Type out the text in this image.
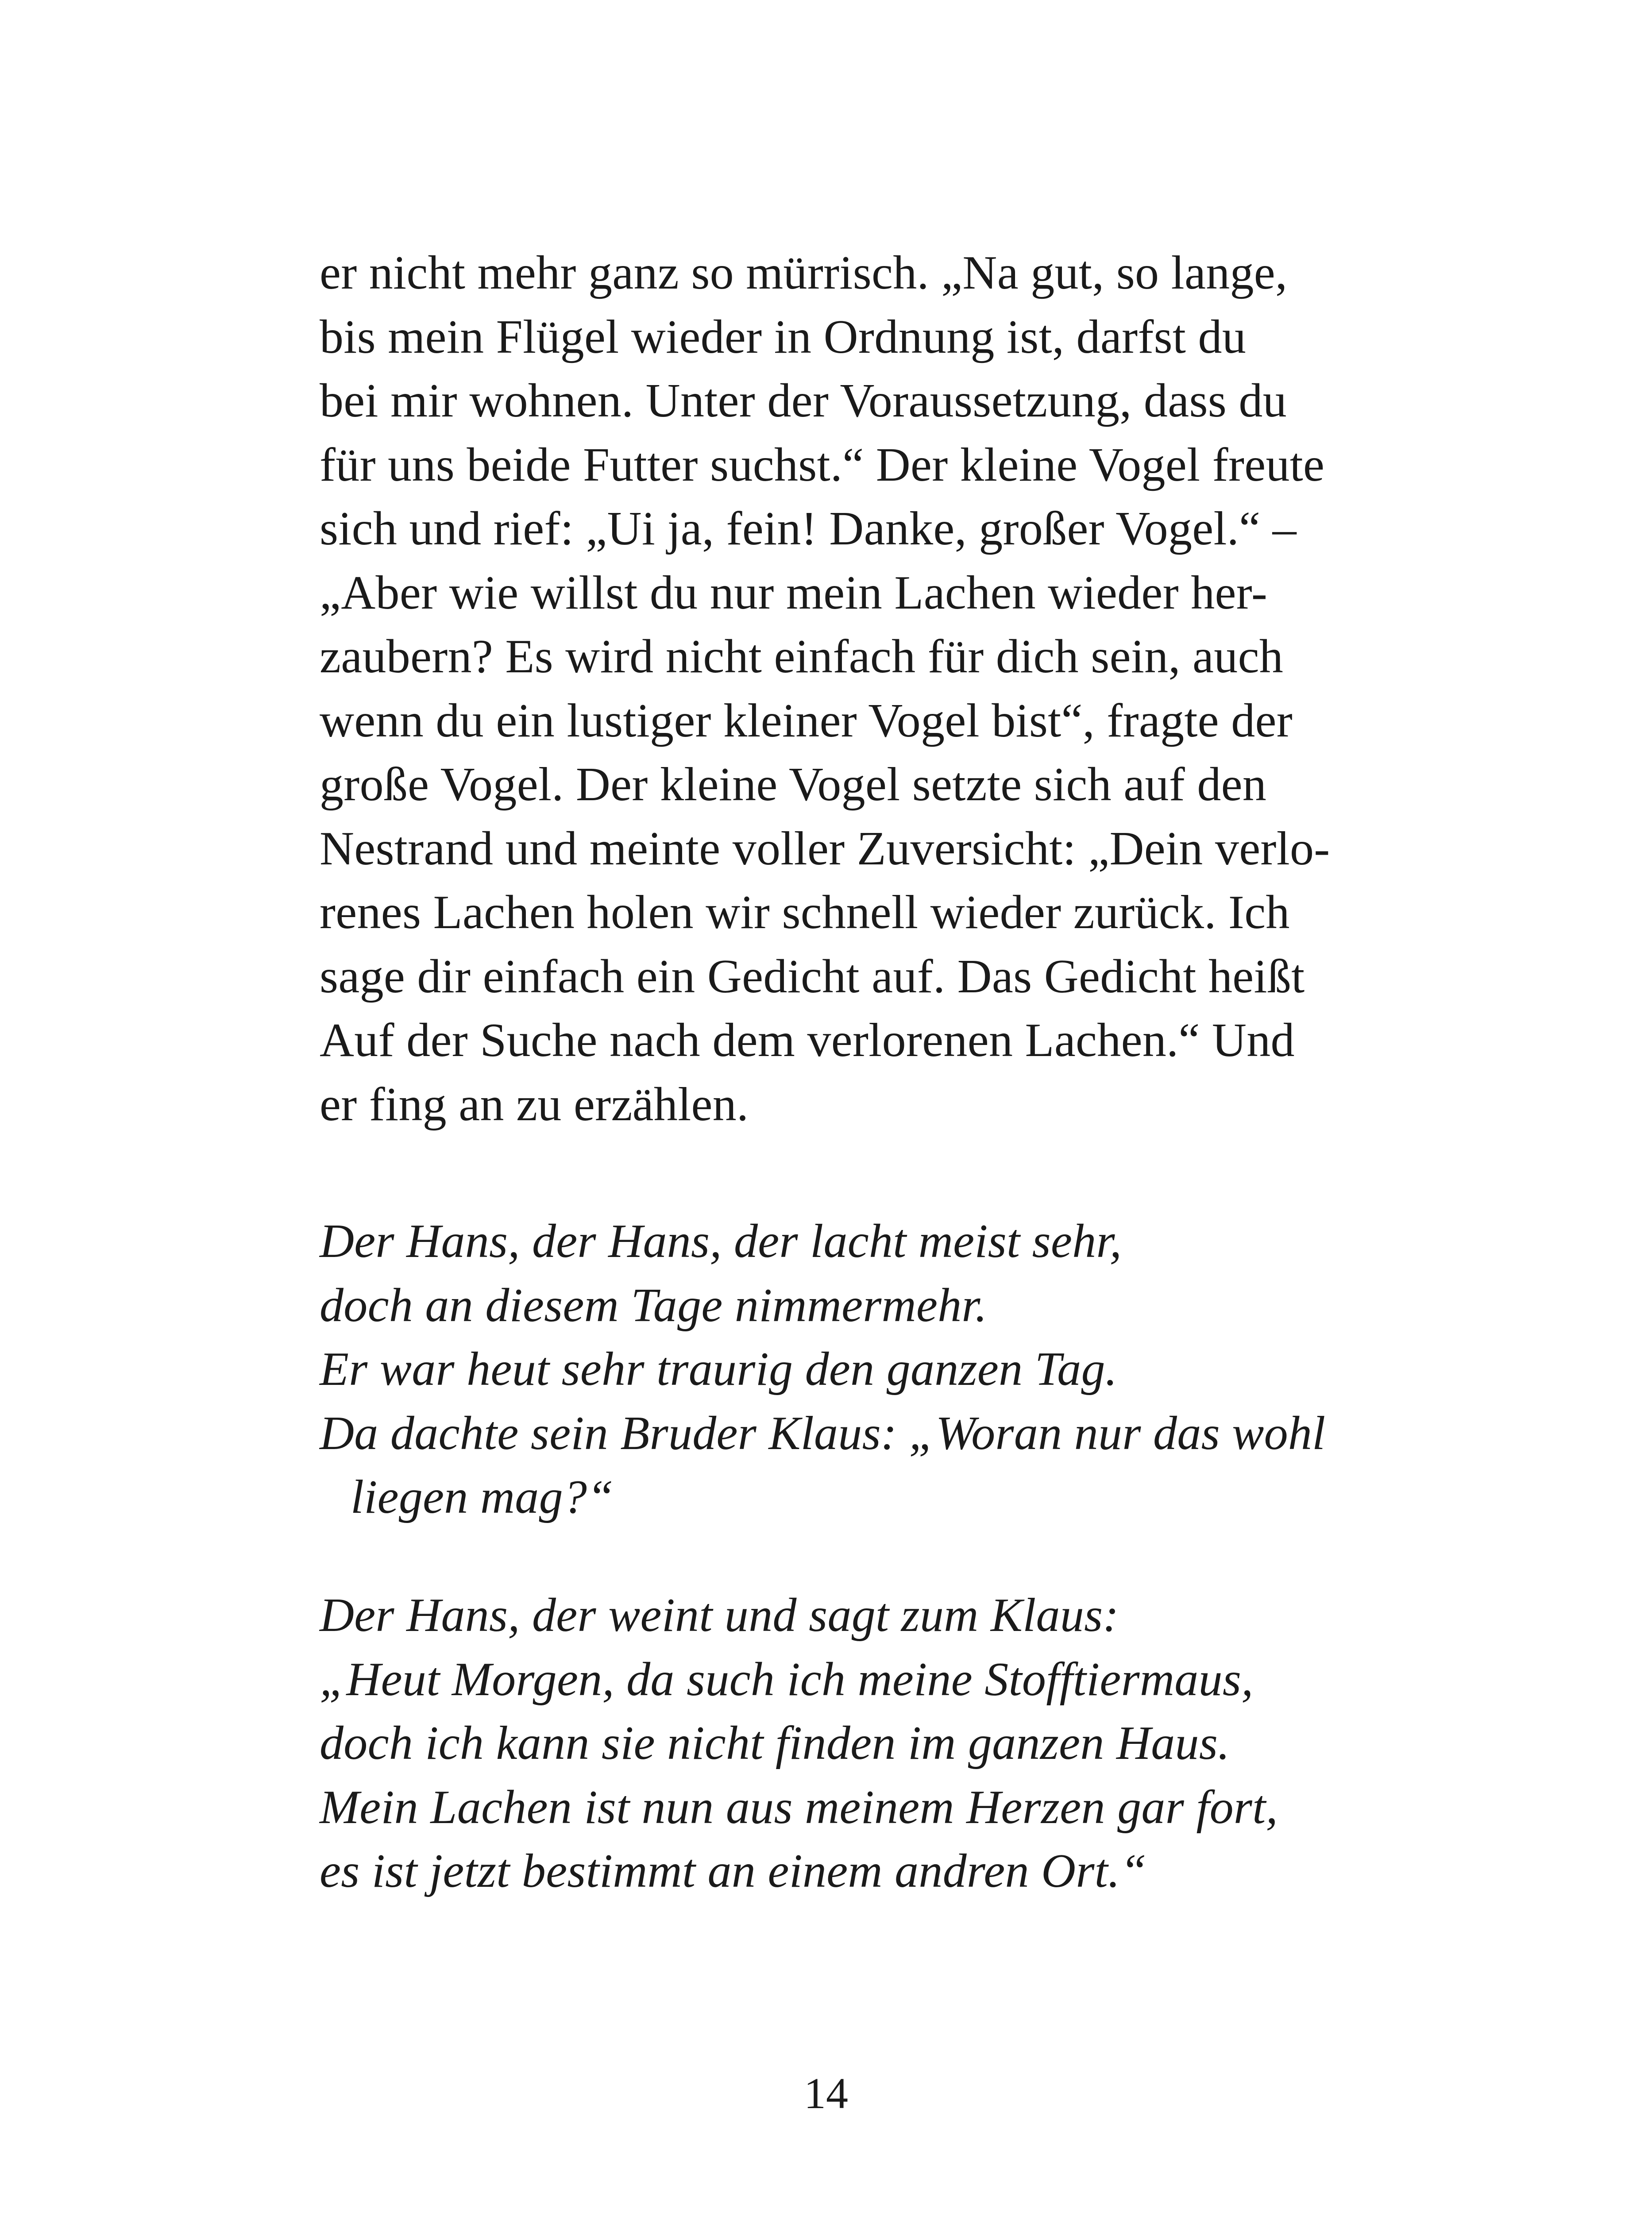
er nicht mehr ganz so mürrisch. „Na gut, so lange,
bis mein Flügel wieder in Ordnung ist, darfst du
bei mir wohnen. Unter der Voraussetzung, dass du
für uns beide Futter suchst.“ Der kleine Vogel freute
sich und rief: „Ui ja, fein! Danke, großer Vogel.“ –
„Aber wie willst du nur mein Lachen wieder her-
zaubern? Es wird nicht einfach für dich sein, auch
wenn du ein lustiger kleiner Vogel bist“, fragte der
große Vogel. Der kleine Vogel setzte sich auf den
Nestrand und meinte voller Zuversicht: „Dein verlo-
renes Lachen holen wir schnell wieder zurück. Ich
sage dir einfach ein Gedicht auf. Das Gedicht heißt
Auf der Suche nach dem verlorenen Lachen.“ Und
er fing an zu erzählen.
Der Hans, der Hans, der lacht meist sehr,
doch an diesem Tage nimmermehr.
Er war heut sehr traurig den ganzen Tag.
Da dachte sein Bruder Klaus: „Woran nur das wohl
liegen mag?“
Der Hans, der weint und sagt zum Klaus:
„Heut Morgen, da such ich meine Stofftiermaus,
doch ich kann sie nicht finden im ganzen Haus.
Mein Lachen ist nun aus meinem Herzen gar fort,
es ist jetzt bestimmt an einem andren Ort.“
14
